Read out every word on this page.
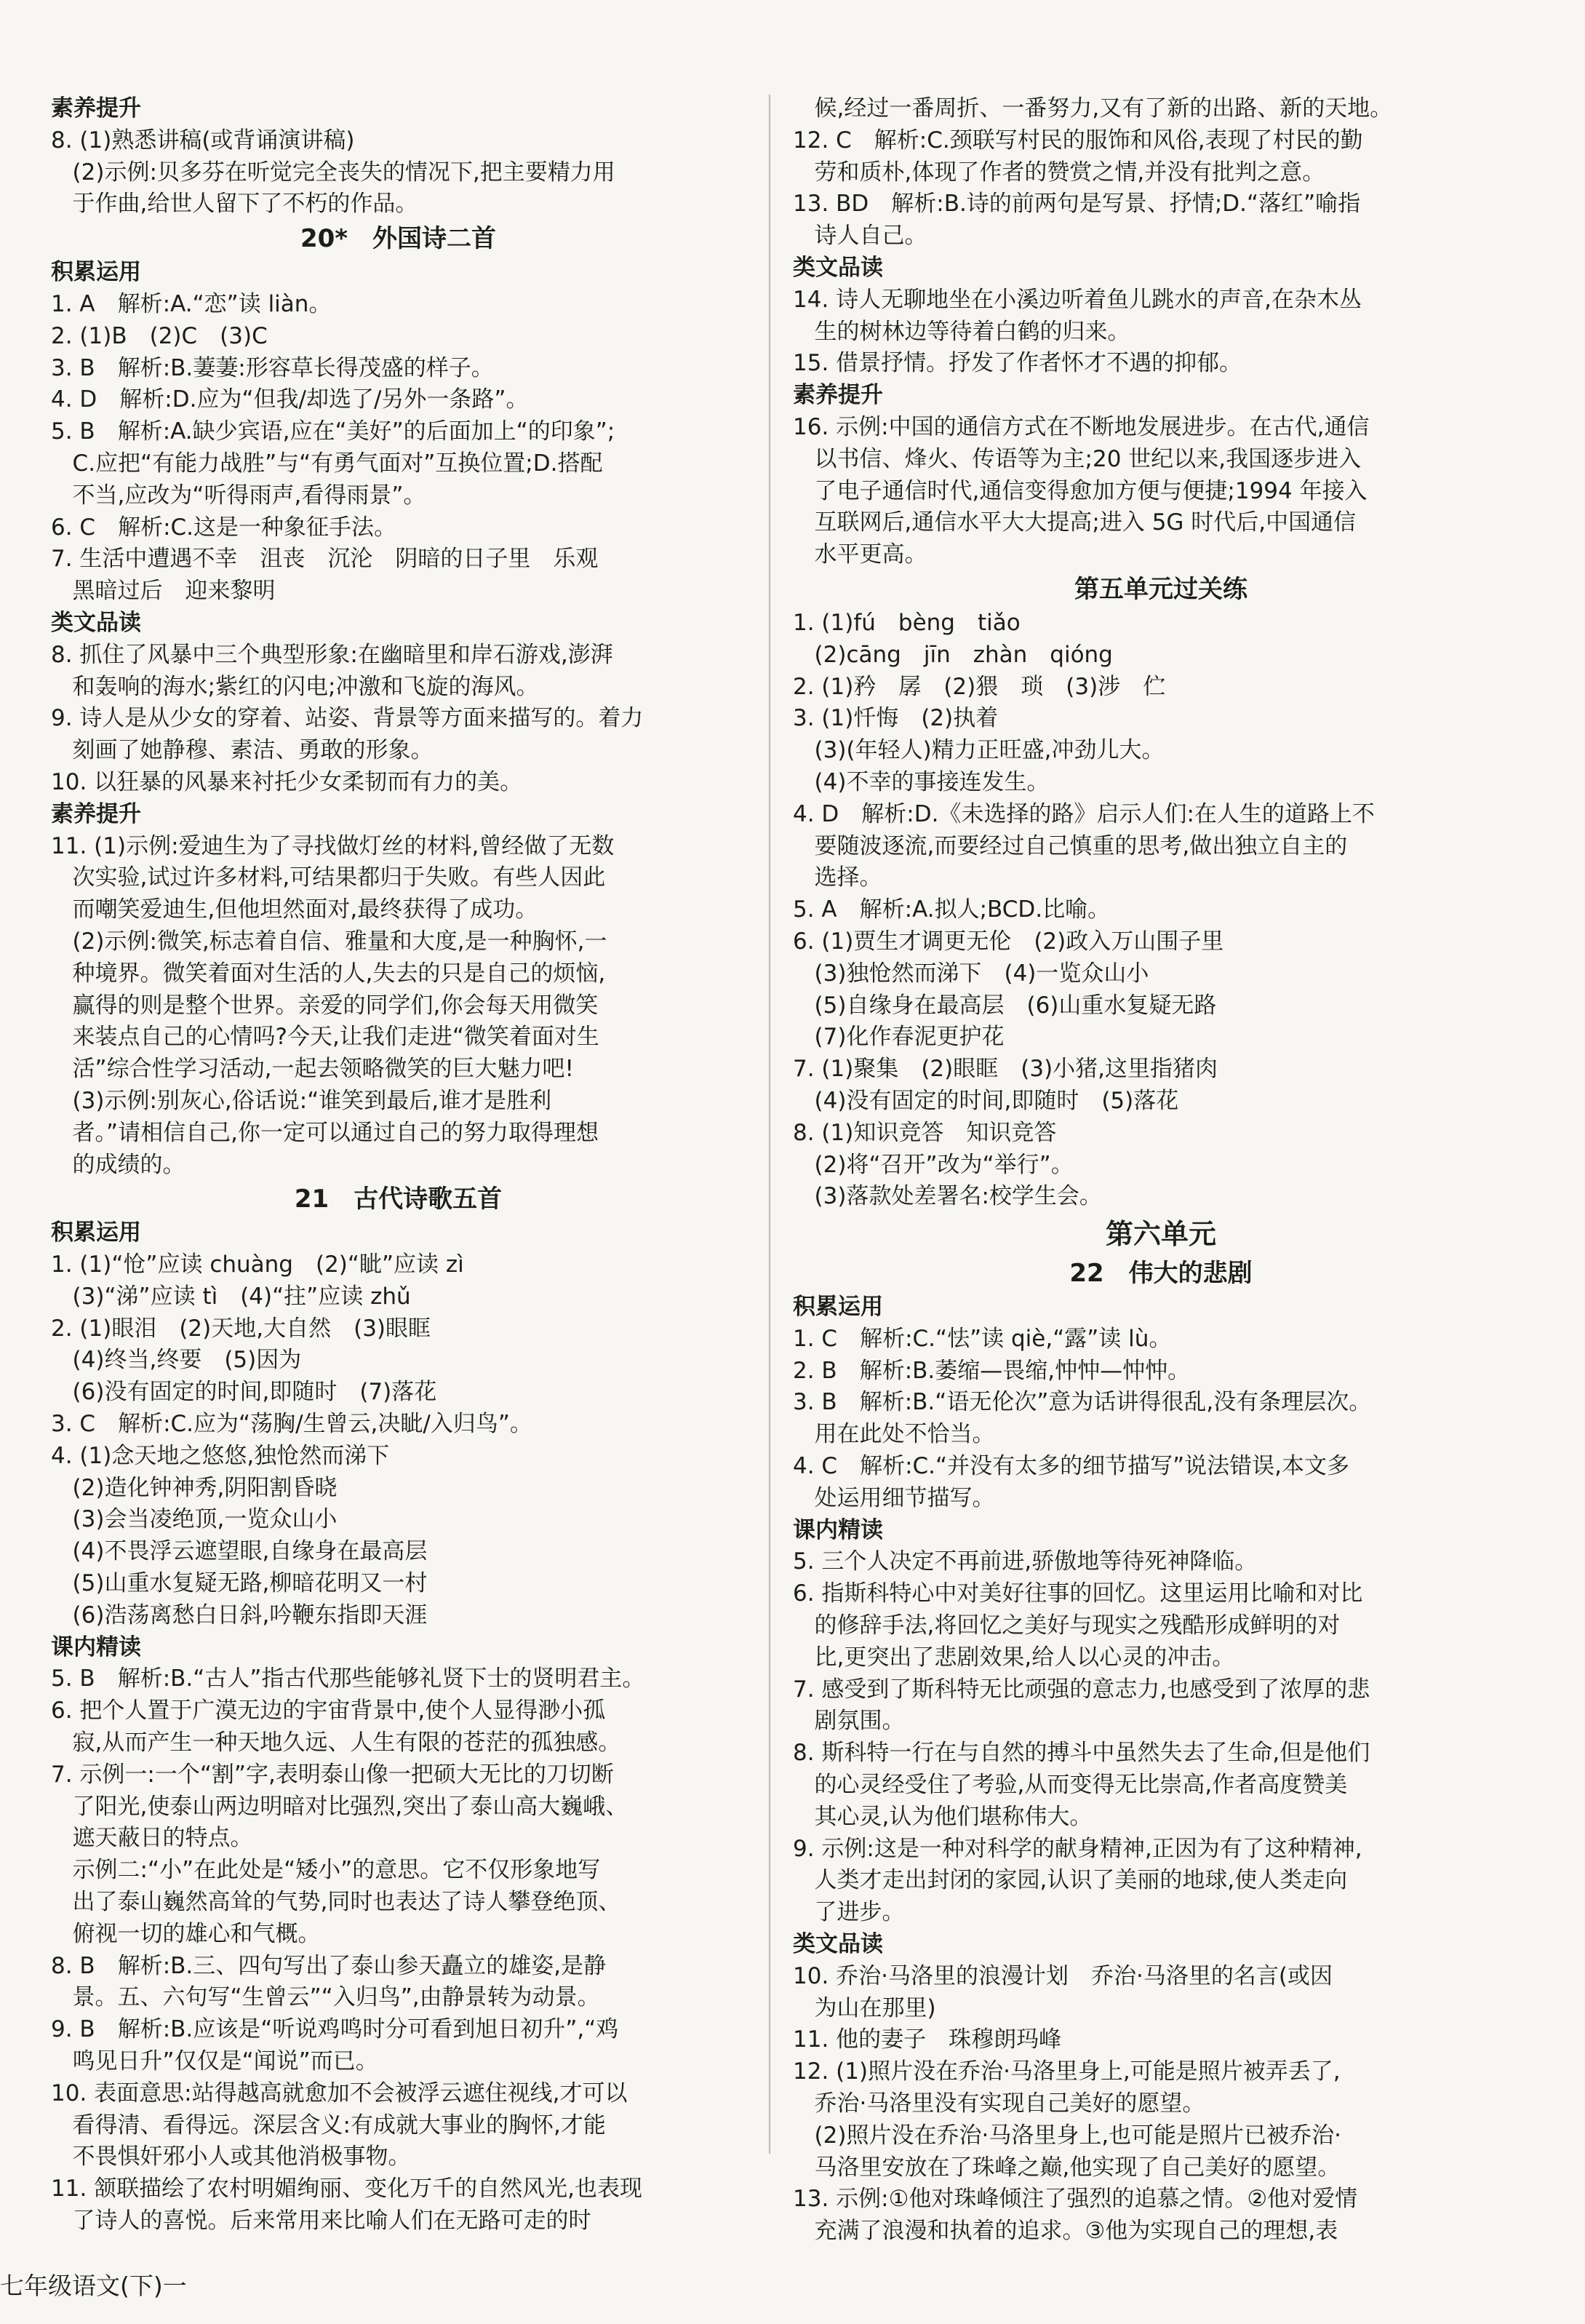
素养提升
8. (1)熟悉讲稿(或背诵演讲稿)
(2)示例:贝多芬在听觉完全丧失的情况下,把主要精力用
于作曲,给世人留下了不朽的作品。
20*　外国诗二首
积累运用
1. A　解析:A.“恋”读 liàn。
2. (1)B　(2)C　(3)C
3. B　解析:B.萋萋:形容草长得茂盛的样子。
4. D　解析:D.应为“但我/却选了/另外一条路”。
5. B　解析:A.缺少宾语,应在“美好”的后面加上“的印象”;
C.应把“有能力战胜”与“有勇气面对”互换位置;D.搭配
不当,应改为“听得雨声,看得雨景”。
6. C　解析:C.这是一种象征手法。
7. 生活中遭遇不幸　沮丧　沉沦　阴暗的日子里　乐观
黑暗过后　迎来黎明
类文品读
8. 抓住了风暴中三个典型形象:在幽暗里和岸石游戏,澎湃
和轰响的海水;紫红的闪电;冲激和飞旋的海风。
9. 诗人是从少女的穿着、站姿、背景等方面来描写的。着力
刻画了她静穆、素洁、勇敢的形象。
10. 以狂暴的风暴来衬托少女柔韧而有力的美。
素养提升
11. (1)示例:爱迪生为了寻找做灯丝的材料,曾经做了无数
次实验,试过许多材料,可结果都归于失败。有些人因此
而嘲笑爱迪生,但他坦然面对,最终获得了成功。
(2)示例:微笑,标志着自信、雅量和大度,是一种胸怀,一
种境界。微笑着面对生活的人,失去的只是自己的烦恼,
赢得的则是整个世界。亲爱的同学们,你会每天用微笑
来装点自己的心情吗?今天,让我们走进“微笑着面对生
活”综合性学习活动,一起去领略微笑的巨大魅力吧!
(3)示例:别灰心,俗话说:“谁笑到最后,谁才是胜利
者。”请相信自己,你一定可以通过自己的努力取得理想
的成绩的。
21　古代诗歌五首
积累运用
1. (1)“怆”应读 chuàng　(2)“眦”应读 zì
(3)“涕”应读 tì　(4)“拄”应读 zhǔ
2. (1)眼泪　(2)天地,大自然　(3)眼眶
(4)终当,终要　(5)因为
(6)没有固定的时间,即随时　(7)落花
3. C　解析:C.应为“荡胸/生曾云,决眦/入归鸟”。
4. (1)念天地之悠悠,独怆然而涕下
(2)造化钟神秀,阴阳割昏晓
(3)会当凌绝顶,一览众山小
(4)不畏浮云遮望眼,自缘身在最高层
(5)山重水复疑无路,柳暗花明又一村
(6)浩荡离愁白日斜,吟鞭东指即天涯
课内精读
5. B　解析:B.“古人”指古代那些能够礼贤下士的贤明君主。
6. 把个人置于广漠无边的宇宙背景中,使个人显得渺小孤
寂,从而产生一种天地久远、人生有限的苍茫的孤独感。
7. 示例一:一个“割”字,表明泰山像一把硕大无比的刀切断
了阳光,使泰山两边明暗对比强烈,突出了泰山高大巍峨、
遮天蔽日的特点。
示例二:“小”在此处是“矮小”的意思。它不仅形象地写
出了泰山巍然高耸的气势,同时也表达了诗人攀登绝顶、
俯视一切的雄心和气概。
8. B　解析:B.三、四句写出了泰山参天矗立的雄姿,是静
景。五、六句写“生曾云”“入归鸟”,由静景转为动景。
9. B　解析:B.应该是“听说鸡鸣时分可看到旭日初升”,“鸡
鸣见日升”仅仅是“闻说”而已。
10. 表面意思:站得越高就愈加不会被浮云遮住视线,才可以
看得清、看得远。深层含义:有成就大事业的胸怀,才能
不畏惧奸邪小人或其他消极事物。
11. 颔联描绘了农村明媚绚丽、变化万千的自然风光,也表现
了诗人的喜悦。后来常用来比喻人们在无路可走的时
候,经过一番周折、一番努力,又有了新的出路、新的天地。
12. C　解析:C.颈联写村民的服饰和风俗,表现了村民的勤
劳和质朴,体现了作者的赞赏之情,并没有批判之意。
13. BD　解析:B.诗的前两句是写景、抒情;D.“落红”喻指
诗人自己。
类文品读
14. 诗人无聊地坐在小溪边听着鱼儿跳水的声音,在杂木丛
生的树林边等待着白鹤的归来。
15. 借景抒情。抒发了作者怀才不遇的抑郁。
素养提升
16. 示例:中国的通信方式在不断地发展进步。在古代,通信
以书信、烽火、传语等为主;20 世纪以来,我国逐步进入
了电子通信时代,通信变得愈加方便与便捷;1994 年接入
互联网后,通信水平大大提高;进入 5G 时代后,中国通信
水平更高。
第五单元过关练
1. (1)fú　bèng　tiǎo
(2)cāng　jīn　zhàn　qióng
2. (1)矜　孱　(2)猥　琐　(3)涉　伫
3. (1)忏悔　(2)执着
(3)(年轻人)精力正旺盛,冲劲儿大。
(4)不幸的事接连发生。
4. D　解析:D.《未选择的路》启示人们:在人生的道路上不
要随波逐流,而要经过自己慎重的思考,做出独立自主的
选择。
5. A　解析:A.拟人;BCD.比喻。
6. (1)贾生才调更无伦　(2)政入万山围子里
(3)独怆然而涕下　(4)一览众山小
(5)自缘身在最高层　(6)山重水复疑无路
(7)化作春泥更护花
7. (1)聚集　(2)眼眶　(3)小猪,这里指猪肉
(4)没有固定的时间,即随时　(5)落花
8. (1)知识竞答　知识竞答
(2)将“召开”改为“举行”。
(3)落款处差署名:校学生会。
第六单元
22　伟大的悲剧
积累运用
1. C　解析:C.“怯”读 qiè,“露”读 lù。
2. B　解析:B.萎缩—畏缩,忡忡—忡忡。
3. B　解析:B.“语无伦次”意为话讲得很乱,没有条理层次。
用在此处不恰当。
4. C　解析:C.“并没有太多的细节描写”说法错误,本文多
处运用细节描写。
课内精读
5. 三个人决定不再前进,骄傲地等待死神降临。
6. 指斯科特心中对美好往事的回忆。这里运用比喻和对比
的修辞手法,将回忆之美好与现实之残酷形成鲜明的对
比,更突出了悲剧效果,给人以心灵的冲击。
7. 感受到了斯科特无比顽强的意志力,也感受到了浓厚的悲
剧氛围。
8. 斯科特一行在与自然的搏斗中虽然失去了生命,但是他们
的心灵经受住了考验,从而变得无比崇高,作者高度赞美
其心灵,认为他们堪称伟大。
9. 示例:这是一种对科学的献身精神,正因为有了这种精神,
人类才走出封闭的家园,认识了美丽的地球,使人类走向
了进步。
类文品读
10. 乔治·马洛里的浪漫计划　乔治·马洛里的名言(或因
为山在那里)
11. 他的妻子　珠穆朗玛峰
12. (1)照片没在乔治·马洛里身上,可能是照片被弄丢了,
乔治·马洛里没有实现自己美好的愿望。
(2)照片没在乔治·马洛里身上,也可能是照片已被乔治·
马洛里安放在了珠峰之巅,他实现了自己美好的愿望。
13. 示例:①他对珠峰倾注了强烈的追慕之情。②他对爱情
充满了浪漫和执着的追求。③他为实现自己的理想,表
七年级语文(下)一
